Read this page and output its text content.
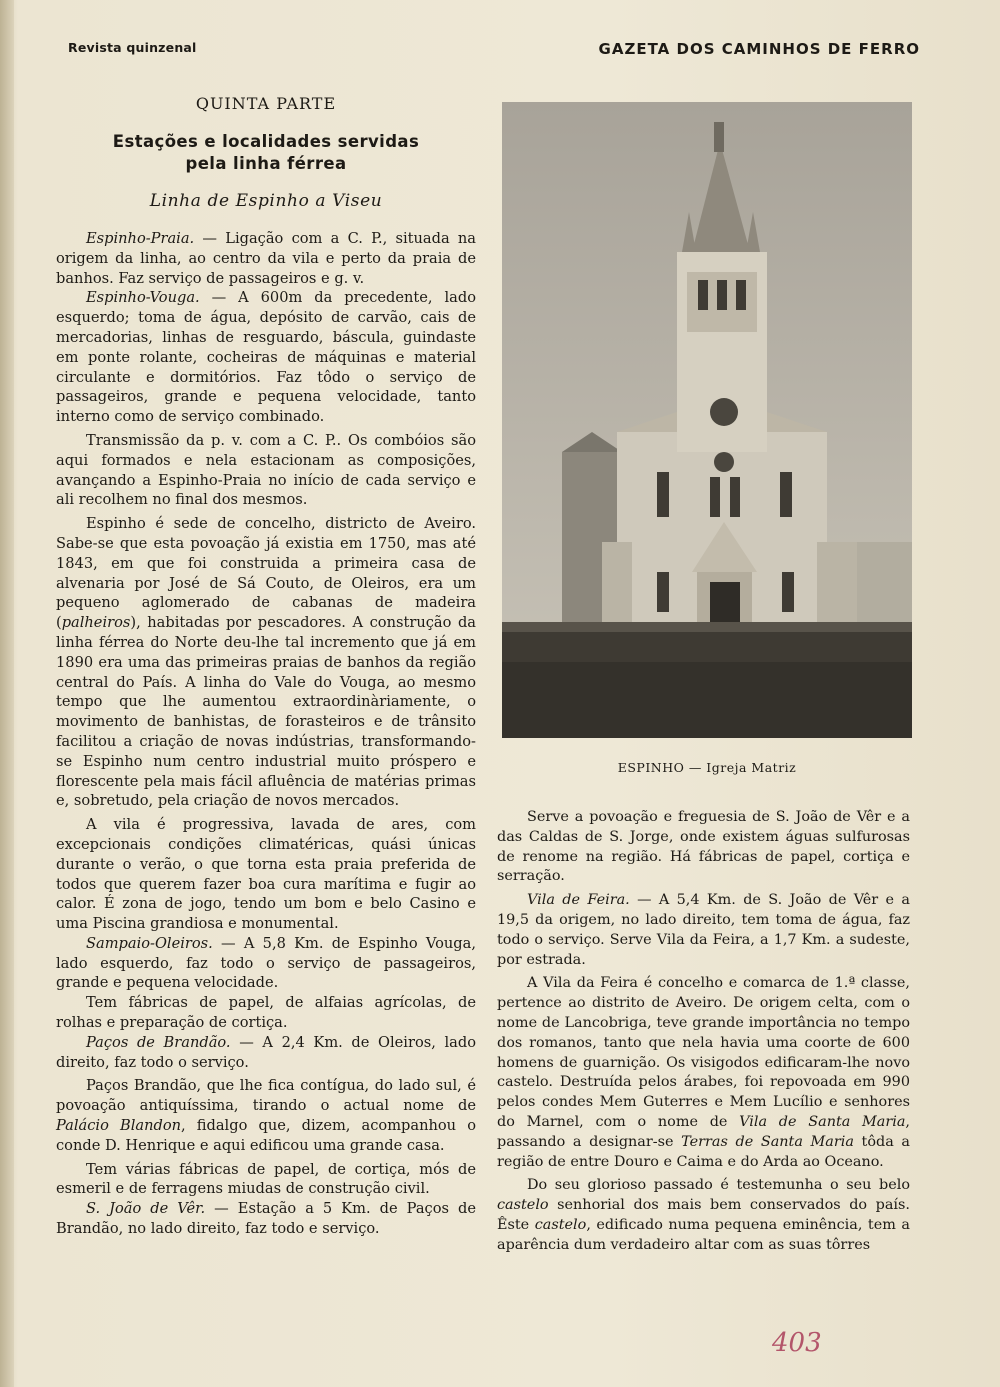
Revista quinzenal	GAZETA DOS CAMINHOS DE FERRO
QUINTA PARTE
Estações e localidades servidas
pela linha férrea
Linha de Espinho a Viseu

Espinho-Praia. — Ligação com a C. P., situada na origem da linha, ao centro da vila e perto da praia de banhos. Faz serviço de passageiros e g. v.

Espinho-Vouga. — A 600m da precedente, lado esquerdo; toma de água, depósito de carvão, cais de mercadorias, linhas de resguardo, báscula, guindaste em ponte rolante, cocheiras de máquinas e material circulante e dormitórios. Faz tôdo o serviço de passageiros, grande e pequena velocidade, tanto interno como de serviço combinado.

Transmissão da p. v. com a C. P.. Os combóios são aqui formados e nela estacionam as composições, avançando a Espinho-Praia no início de cada serviço e ali recolhem no final dos mesmos.

Espinho é sede de concelho, districto de Aveiro. Sabe-se que esta povoação já existia em 1750, mas até 1843, em que foi construida a primeira casa de alvenaria por José de Sá Couto, de Oleiros, era um pequeno aglomerado de cabanas de madeira (palheiros), habitadas por pescadores. A construção da linha férrea do Norte deu-lhe tal incremento que já em 1890 era uma das primeiras praias de banhos da região central do País. A linha do Vale do Vouga, ao mesmo tempo que lhe aumentou extraordinàriamente, o movimento de banhistas, de forasteiros e de trânsito facilitou a criação de novas indústrias, transformando-se Espinho num centro industrial muito próspero e florescente pela mais fácil afluência de matérias primas e, sobretudo, pela criação de novos mercados.

A vila é progressiva, lavada de ares, com excepcionais condições climatéricas, quási únicas durante o verão, o que torna esta praia preferida de todos que querem fazer boa cura marítima e fugir ao calor. É zona de jogo, tendo um bom e belo Casino e uma Piscina grandiosa e monumental.

Sampaio-Oleiros. — A 5,8 Km. de Espinho Vouga, lado esquerdo, faz todo o serviço de passageiros, grande e pequena velocidade.

Tem fábricas de papel, de alfaias agrícolas, de rolhas e preparação de cortiça.

Paços de Brandão. — A 2,4 Km. de Oleiros, lado direito, faz todo o serviço.

Paços Brandão, que lhe fica contígua, do lado sul, é povoação antiquíssima, tirando o actual nome de Palácio Blandon, fidalgo que, dizem, acompanhou o conde D. Henrique e aqui edificou uma grande casa.

Tem várias fábricas de papel, de cortiça, mós de esmeril e de ferragens miudas de construção civil.

S. João de Vêr. — Estação a 5 Km. de Paços de Brandão, no lado direito, faz todo e serviço.

ESPINHO — Igreja Matriz

Serve a povoação e freguesia de S. João de Vêr e a das Caldas de S. Jorge, onde existem águas sulfurosas de renome na região. Há fábricas de papel, cortiça e serração.

Vila de Feira. — A 5,4 Km. de S. João de Vêr e a 19,5 da origem, no lado direito, tem toma de água, faz todo o serviço. Serve Vila da Feira, a 1,7 Km. a sudeste, por estrada.

A Vila da Feira é concelho e comarca de 1.ª classe, pertence ao distrito de Aveiro. De origem celta, com o nome de Lancobriga, teve grande importância no tempo dos romanos, tanto que nela havia uma coorte de 600 homens de guarnição. Os visigodos edificaram-lhe novo castelo. Destruída pelos árabes, foi repovoada em 990 pelos condes Mem Guterres e Mem Lucílio e senhores do Marnel, com o nome de Vila de Santa Maria, passando a designar-se Terras de Santa Maria tôda a região de entre Douro e Caima e do Arda ao Oceano.

Do seu glorioso passado é testemunha o seu belo castelo senhorial dos mais bem conservados do país. Êste castelo, edificado numa pequena eminência, tem a aparência dum verdadeiro altar com as suas tôrres

403
